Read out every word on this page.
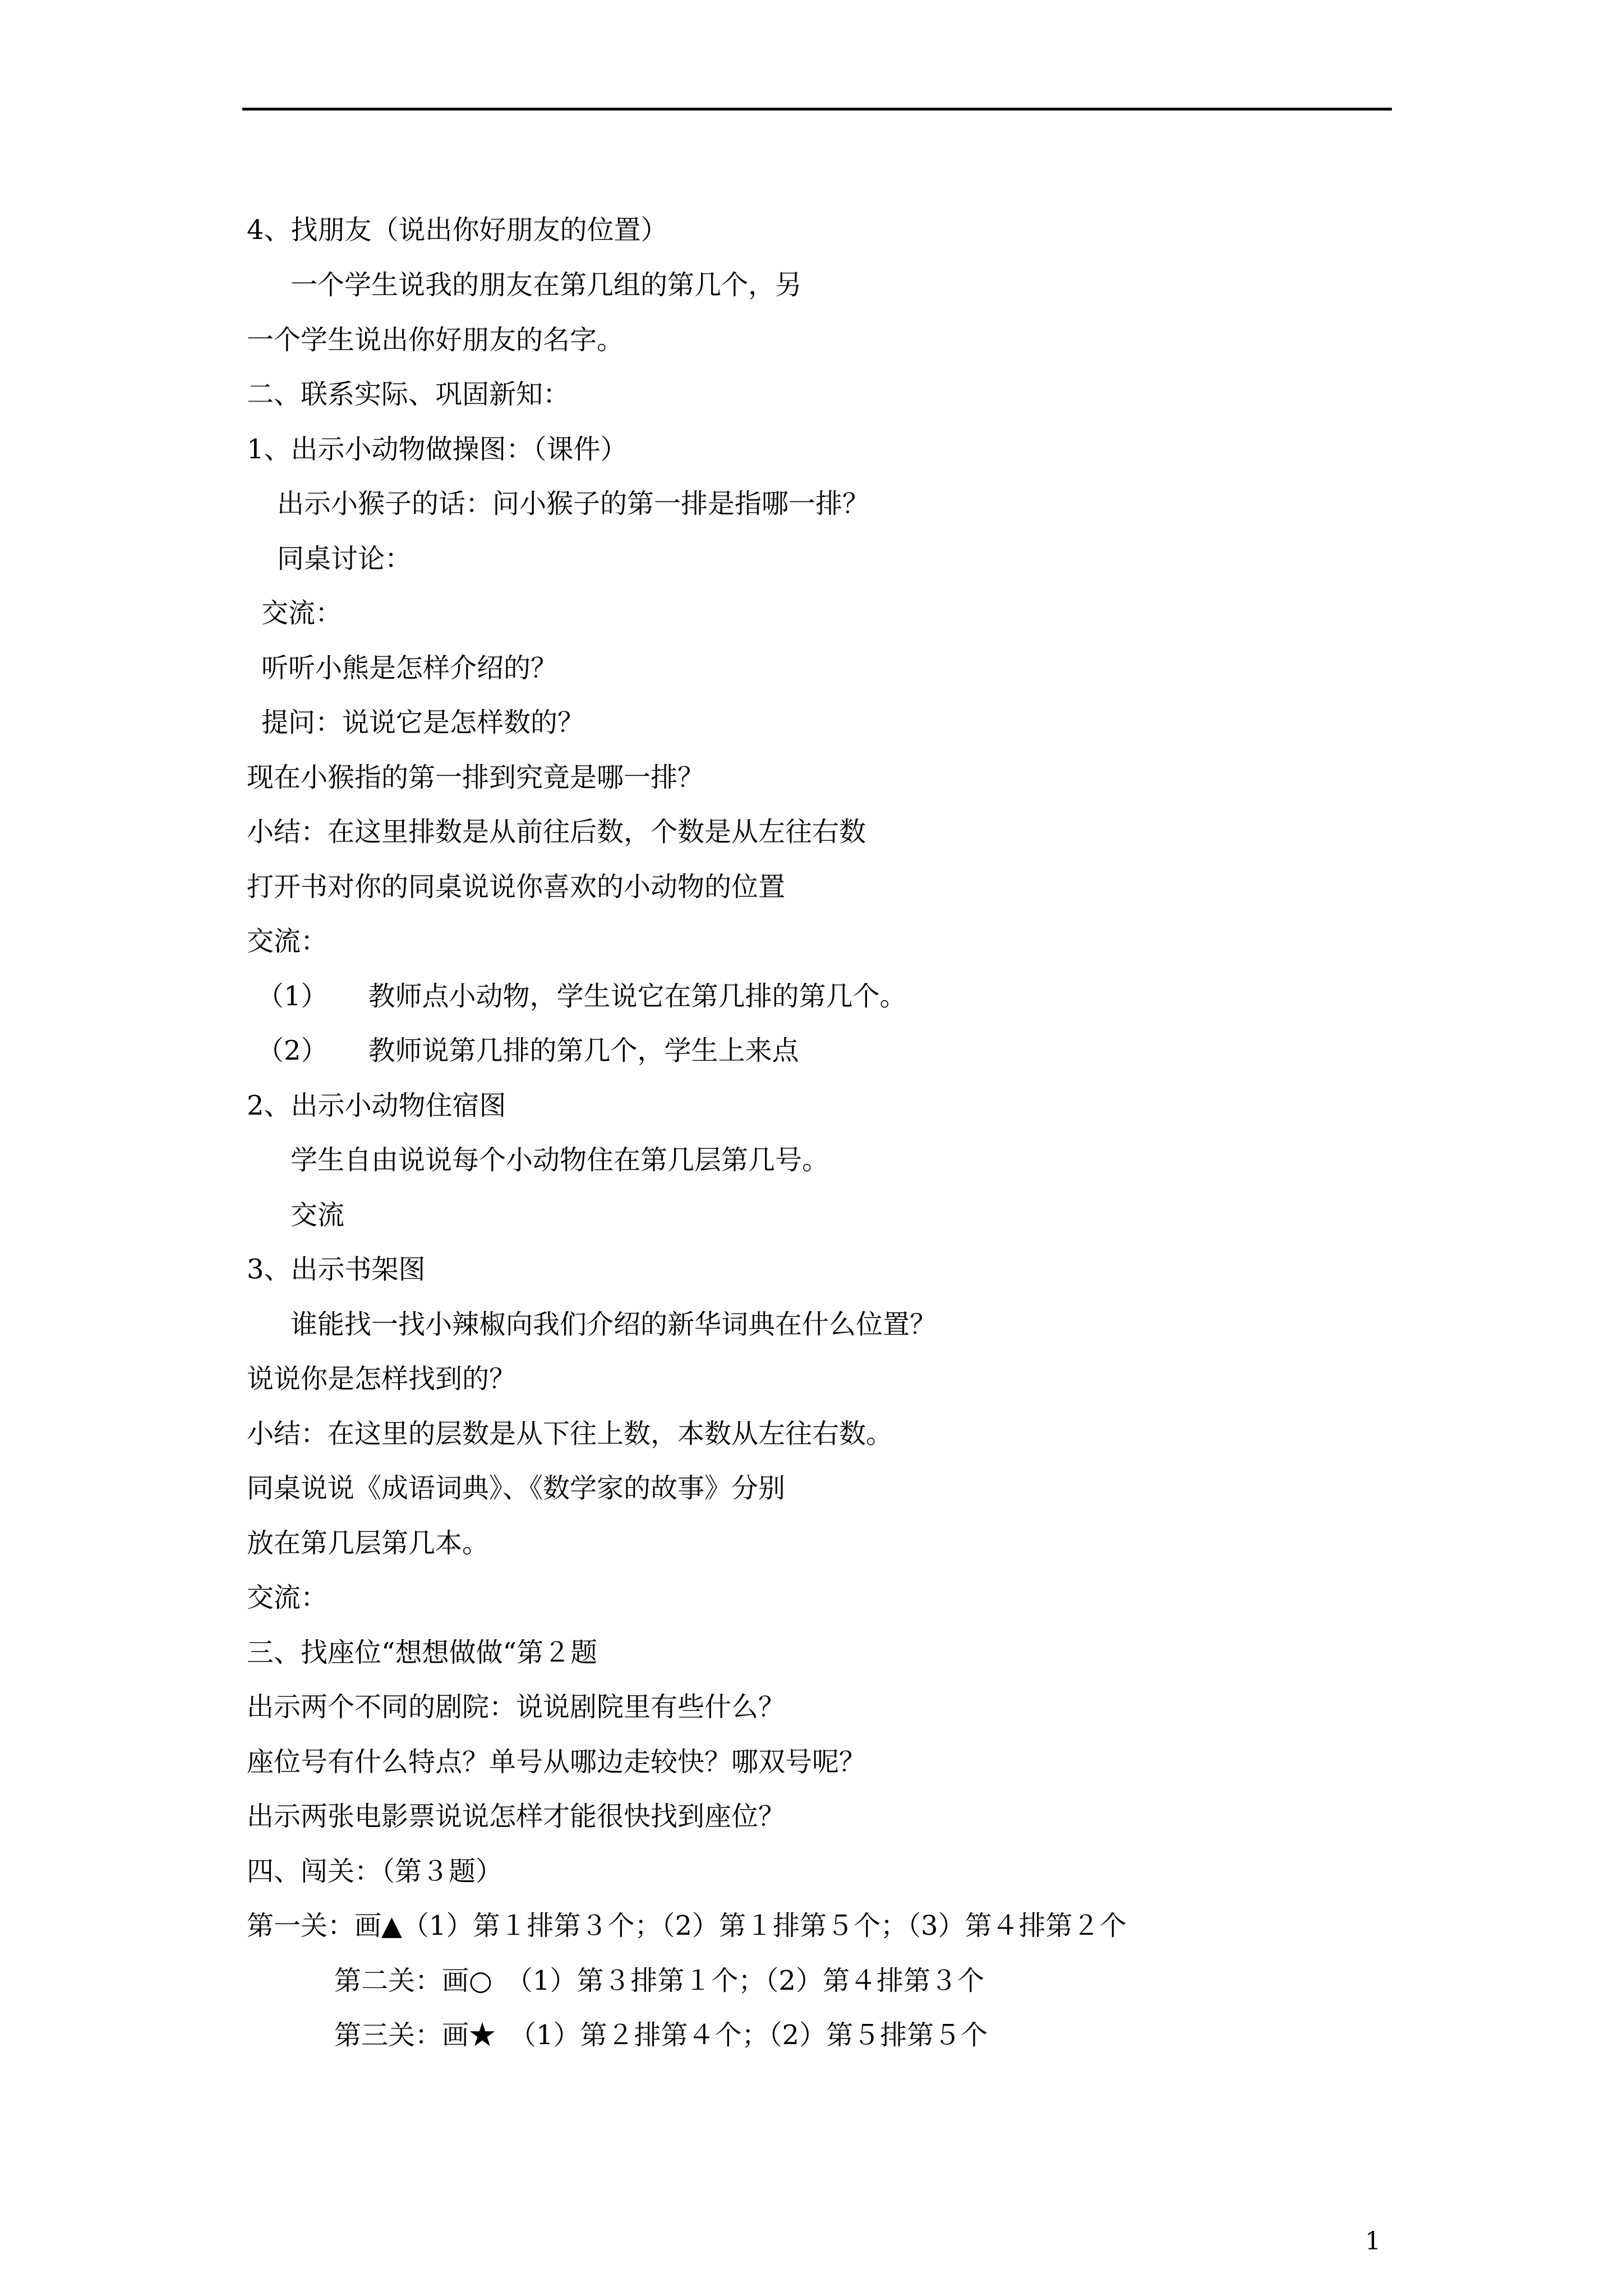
4、找朋友（说出你好朋友的位置）
一个学生说我的朋友在第几组的第几个，另
一个学生说出你好朋友的名字。
二、联系实际、巩固新知：
1、出示小动物做操图：（课件）
出示小猴子的话：问小猴子的第一排是指哪一排？
同桌讨论：
交流：
听听小熊是怎样介绍的？
提问：说说它是怎样数的？
现在小猴指的第一排到究竟是哪一排？
小结：在这里排数是从前往后数，个数是从左往右数
打开书对你的同桌说说你喜欢的小动物的位置
交流：
（1）　　教师点小动物，学生说它在第几排的第几个。
（2）　　教师说第几排的第几个，学生上来点
2、出示小动物住宿图
学生自由说说每个小动物住在第几层第几号。
交流
3、出示书架图
谁能找一找小辣椒向我们介绍的新华词典在什么位置？
说说你是怎样找到的？
小结：在这里的层数是从下往上数，本数从左往右数。
同桌说说《成语词典》、《数学家的故事》分别
放在第几层第几本。
交流：
三、找座位“想想做做“第２题
出示两个不同的剧院：说说剧院里有些什么？
座位号有什么特点？单号从哪边走较快？哪双号呢？
出示两张电影票说说怎样才能很快找到座位？
四、闯关：（第３题）
第一关：画▲（1）第１排第３个；（2）第１排第５个；（3）第４排第２个
第二关：画○　（1）第３排第１个；（2）第４排第３个
第三关：画★　（1）第２排第４个；（2）第５排第５个
1
